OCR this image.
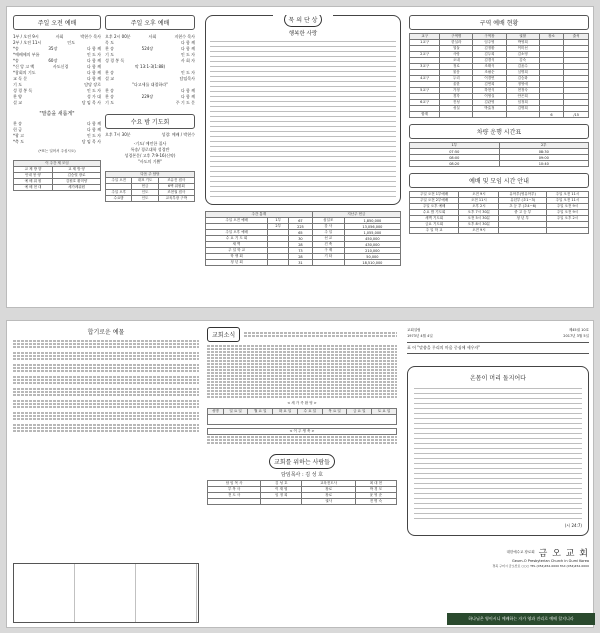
주일 오전 예배
1부 / 오전 9시	사회	박현수 목사
2부 / 오전 11시	인도
*송	35장	다 함 께
*예배에의 부름	인 도 자
*송	60장	다 함 께
*신 앙 고 백	사도신경	다 함 께
*참회의 기도	다 함 께
교 독 문	다 함 께
기 도	담당 장로
성 경 봉 독	인 도 자
찬 양	성 가 대
설 교	담 임 목 사
"말씀을 새롭게"
찬 송	다 함 께
헌 금	다 함 께
*광 고	인 도 자
*축 도	담 임 목 사
(*표는 일어서 주십시오)
이 주간 제 모임	
교 제 방 향	교 제 방 양
안내 봉 양	김승렬 장로
예 배 위 원	김원호 황미양
예 배 현 대	세가례위원
주일 오후 예배
오후 2시 00분	사회	지현수 목사
묵 도	다 함 께
찬 송	524장	다 함 께
기 도	인 도 자
성 경 봉 독	사 회 자
막 13:1-3(1:88)
찬 송	인 도 자
설 교	담임목사
"다고세를 대접하라"
찬 송	다 함 께
찬 송	229장	다 함 께
기 도	주 기 도 문
수요 밤 기도회
오후 7시 30분	성경: 예배 / 박현수
-기도/ 예언한 집사
특송/ 경로대학 성경반
성경본문/ 고후 7:9-16(신약)
"사도의 기쁨"
다음 주 담당		
주일 오전	대표 기도	조유진 집사
	헌금	6백 위원회
주일 오후	인도	조현권 집사
수요밤	인도	교육부장 구박
묵 의 단 상
행복한 사랑
주간 통계			지난주 헌금	
주일 오전 예배	1부	67	십일조	1,850,000
	2부	225	감 사	13,056,000
주일 오후 예배		65	주 일	1,055,000
수 요 기 도 회		30	선 교	450,000
새 벽		28	건 축	430,000
주 일 학 교		73	구 제	210,000
학 생 회		28	기 타	50,000
청 년 회		31		18,510,000
구역 예배 현황
교구	구역명	구역장	권찰	장소	출석
1교구	한실라	임주영	박영희		
	열둘	김정환	이미선		
2교구	사랑	김두희	김소영		
	오내	김경식	김숙		
3교구	정로	조태식	김윤수		
	물음	조필순	심명희		
4교구	두리	이경연	김승화		
	울한	김연희	정영애		
5교구	가정	하현식	현정숙		
	경각	이영실	안은희		
6교구	진성	김관영	임정희		
	성실	박효정	김명희		
합계				6	/15
차량 운행 시간표
1부	2부
07:50	08:30
08:00	09:00
08:20	10:40
예배 및 모임 시간 안내
주일 오전 1부예배	오전 9시	유아부(영유아부)	주일 오전 11시
주일 오전 2부예배	오전 11시	유년부 (초1~3)	주일 오전 11시
주일 오후 예배	오후 2시	초 등 부 (초4~6)	주일 오전 9시
수요 밤 기도회	오후 7시 30분	중 고 등 부	주일 오전 9시
새벽 기도회	오전 5시 30분	청 년 부	주일 오후 2시
금요 기도회	오후 8시 30분		
주 일 학 교	오전 9시		
합기로운 예물	교회소식
< 새 가 족 환 영 >
성명	일 요 일	월 요 일	화 요 일	수 요 일	목 요 일	금 요 일	토 요 일

< 이 주 생 축 >
교회를 위하는 사람들
담임목사 : 김 성 호
담 임 목 사	김 성 호	교육전도사	최 대 현
부 목 사	이 재 엽	장로	박 경 모
전 도 사	임 정 희	장로	윤 영 준
		권사	전 명 숙
교회설립	제45권 10호
1973년 4월 4일	2017년 3월 5일
표 어 "말씀을 무리의 마음 중심에 세우자"
온몸이 머리 돌지어다
(시 24:7)
대한예수교 장로회 금 오 교 회
Geum-O Presbyterian Church in Gumi Korea
경북 구미시 금오산로 ○○○ TEL (054)452-0000 FAX (054)452-0000
하나님은 영이시니 예배하는 자가 영과 진리로 예배 할지니라
